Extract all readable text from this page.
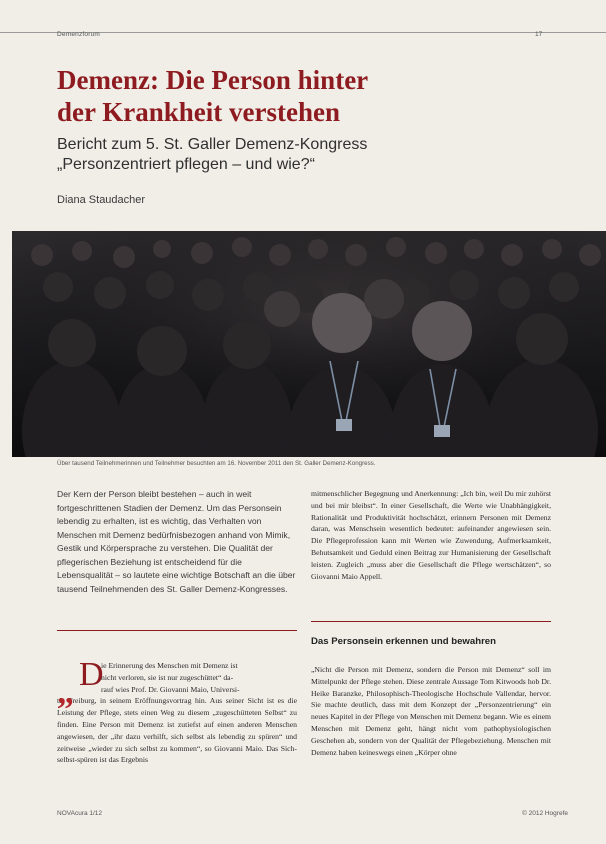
Demenzforum	17
Demenz: Die Person hinter
der Krankheit verstehen
Bericht zum 5. St. Galler Demenz-Kongress
„Personzentriert pflegen – und wie?“
Diana Staudacher
Über tausend Teilnehmerinnen und Teilnehmer besuchten am 16. November 2011 den St. Galler Demenz-Kongress.

Der Kern der Person bleibt bestehen – auch in weit fortgeschrittenen Stadien der Demenz. Um das Personsein lebendig zu erhalten, ist es wichtig, das Verhalten von Menschen mit Demenz bedürfnisbezogen anhand von Mimik, Gestik und Körpersprache zu verstehen. Die Qualität der pflegerischen Beziehung ist entscheidend für die Lebensqualität – so lautete eine wichtige Botschaft an die über tausend Teilnehmenden des St. Galler Demenz-Kongresses.

ie Erinnerung des Menschen mit Demenz ist
nicht verloren, sie ist nur zugeschüttet“ da-
rauf wies Prof. Dr. Giovanni Maio, Universi-
tät Freiburg, in seinem Eröffnungsvortrag hin. Aus seiner Sicht ist es die Leistung der Pflege, stets einen Weg zu diesem „zugeschütteten Selbst“ zu finden. Eine Person mit Demenz ist zutiefst auf einen anderen Menschen angewiesen, der „ihr dazu verhilft, sich selbst als lebendig zu spüren“ und zeitweise „wieder zu sich selbst zu kommen“, so Giovanni Maio. Das Sich-selbst-spüren ist das Ergebnis

„ D

mitmenschlicher Begegnung und Anerkennung: „Ich bin, weil Du mir zuhörst und bei mir bleibst“. In einer Gesellschaft, die Werte wie Unabhängigkeit, Rationalität und Produktivität hochschätzt, erinnern Personen mit Demenz daran, was Menschsein wesentlich bedeutet: aufeinander angewiesen sein. Die Pflegeprofession kann mit Werten wie Zuwendung, Aufmerksamkeit, Behutsamkeit und Geduld einen Beitrag zur Humanisierung der Gesellschaft leisten. Zugleich „muss aber die Gesellschaft die Pflege wertschätzen“, so Giovanni Maio Appell.

Das Personsein erkennen und bewahren

„Nicht die Person mit Demenz, sondern die Person mit Demenz“ soll im Mittelpunkt der Pflege stehen. Diese zentrale Aussage Tom Kitwoods hob Dr. Heike Baranzke, Philosophisch-Theologische Hochschule Vallendar, hervor. Sie machte deutlich, dass mit dem Konzept der „Personzentrierung“ ein neues Kapitel in der Pflege von Menschen mit Demenz begann. Wie es einem Menschen mit Demenz geht, hängt nicht vom pathophysiologischen Geschehen ab, sondern von der Qualität der Pflegebeziehung. Menschen mit Demenz haben keineswegs einen „Körper ohne

NOVAcura 1/12	© 2012 Hogrefe
